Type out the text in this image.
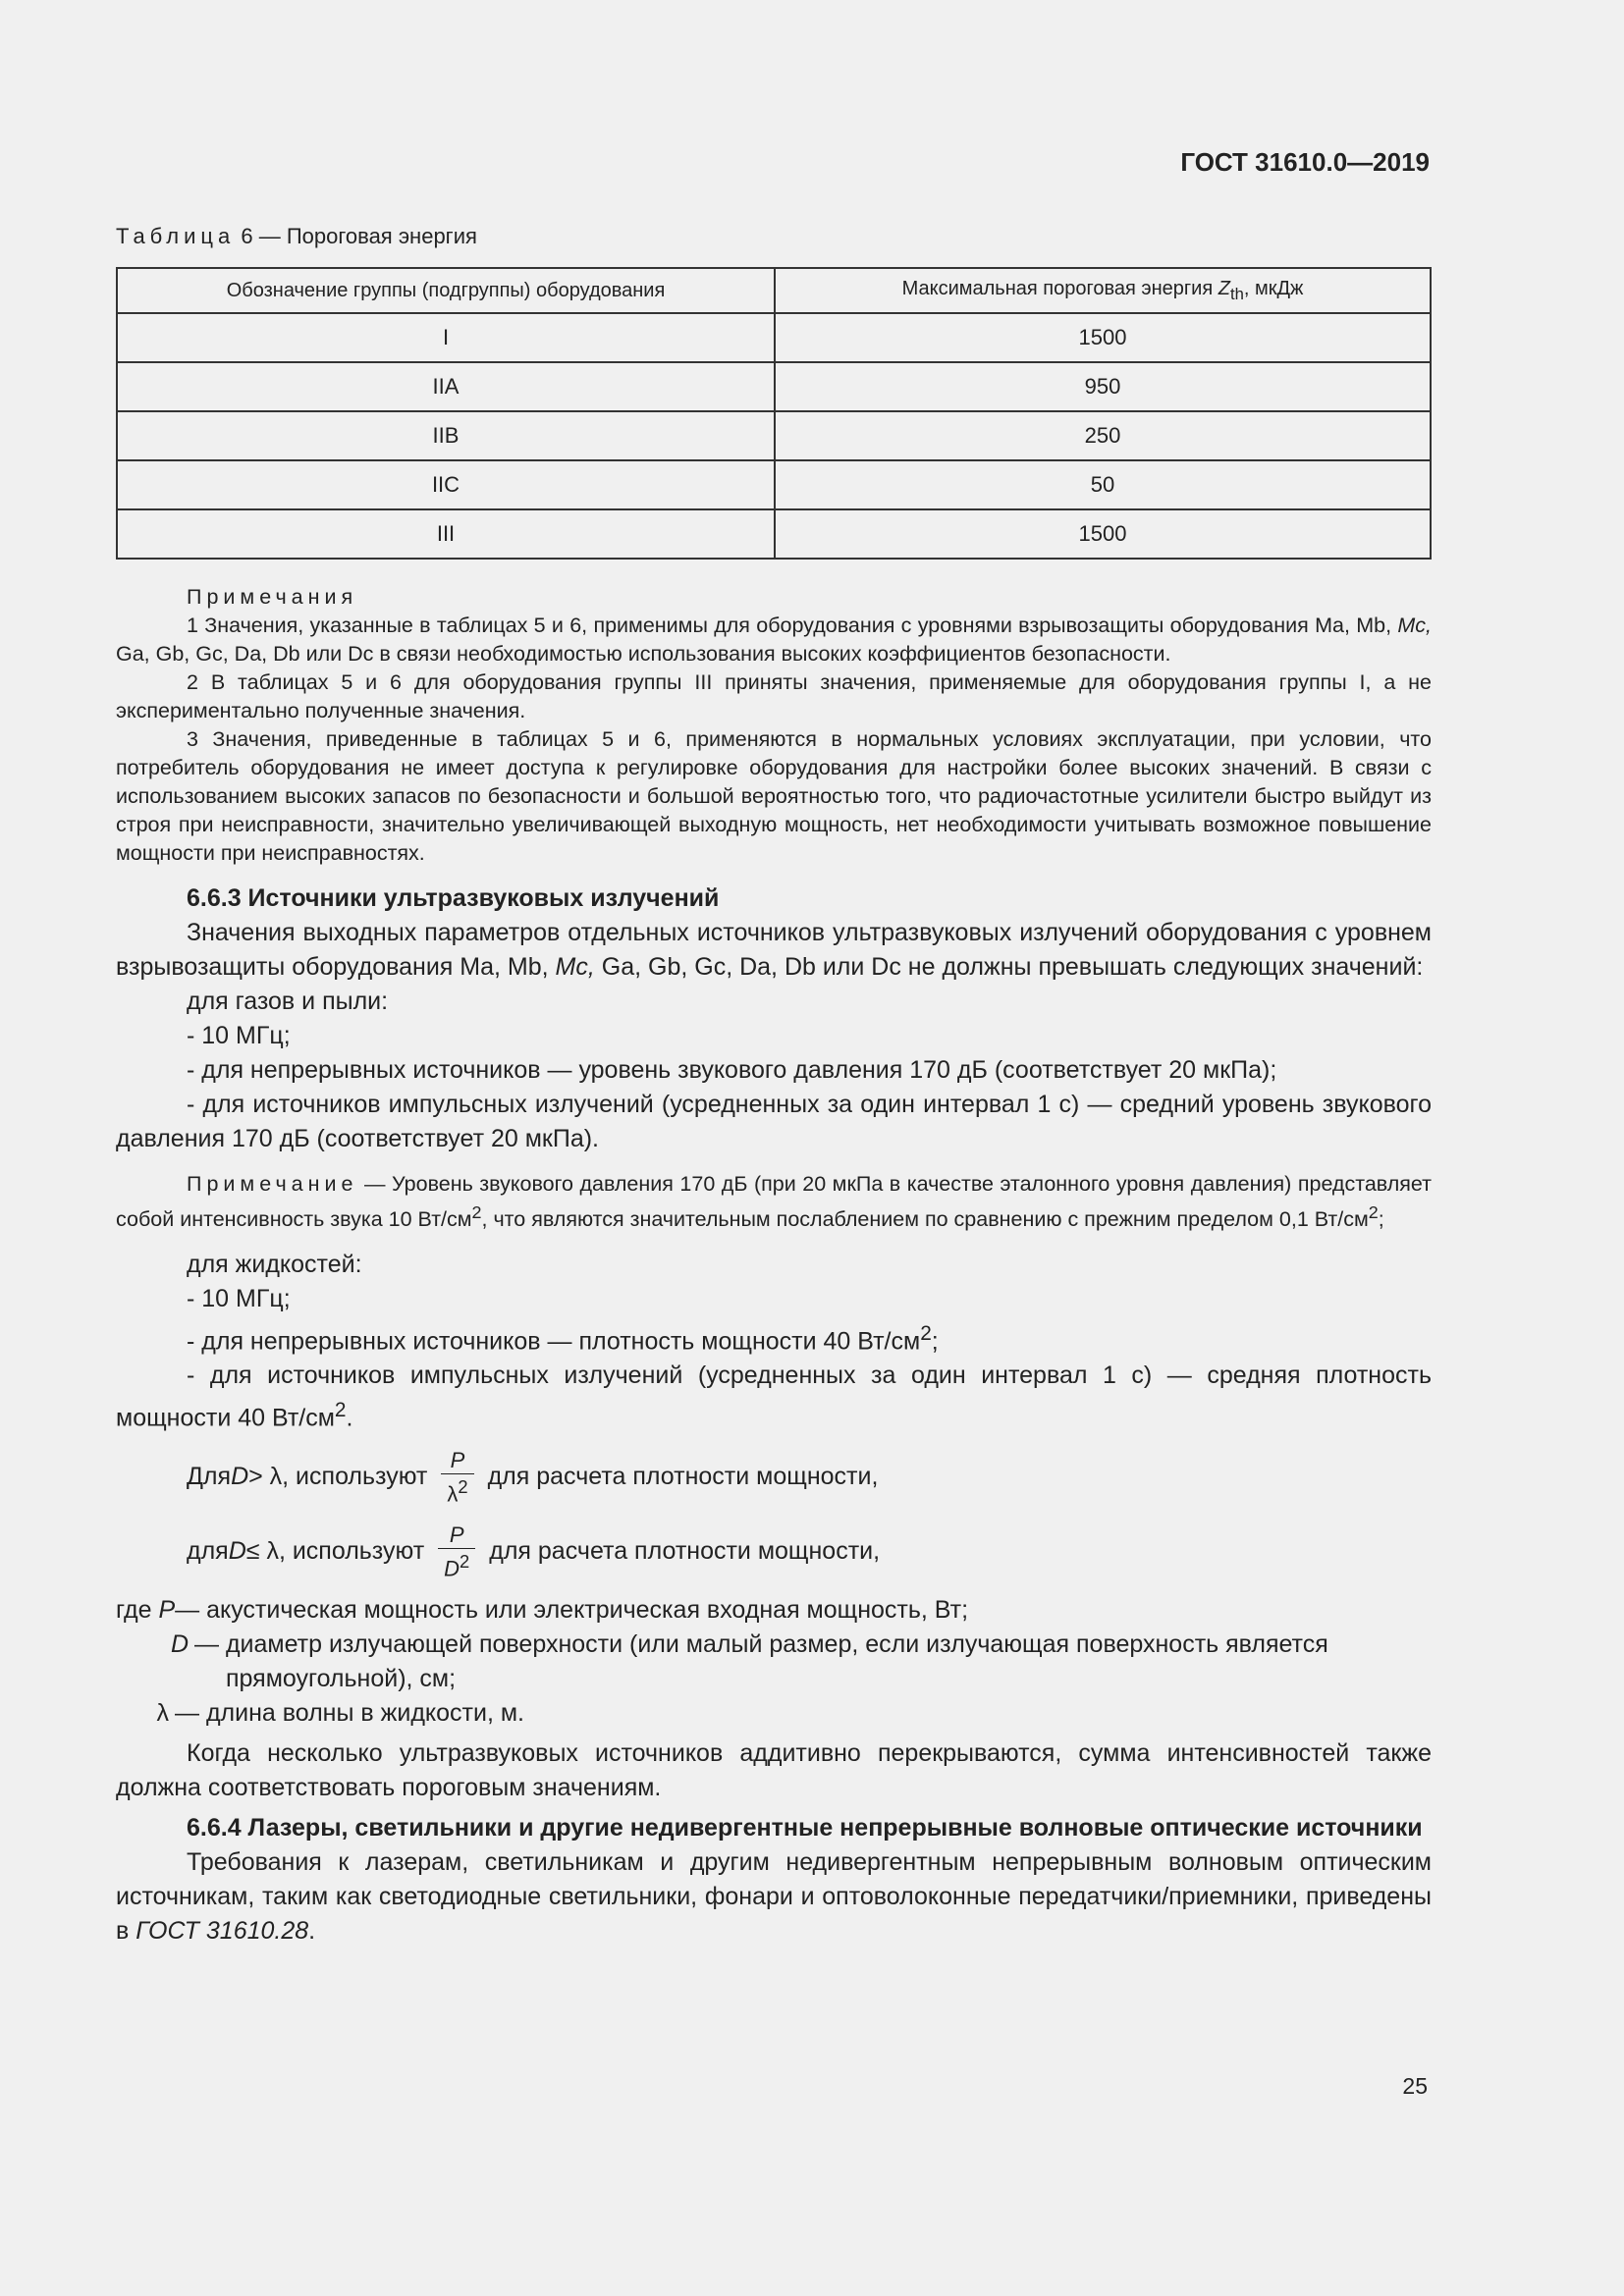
ГОСТ 31610.0—2019
Таблица 6 — Пороговая энергия
Обозначение группы (подгруппы) оборудования	Максимальная пороговая энергия $Z_{th}$, мкДж
I	1500
IIA	950
IIB	250
IIC	50
III	1500

Примечания

1 Значения, указанные в таблицах 5 и 6, применимы для оборудования с уровнями взрывозащиты оборудования Ma, Mb, Mc, Ga, Gb, Gc, Da, Db или Dc в связи необходимостью использования высоких коэффициентов безопасности.

2 В таблицах 5 и 6 для оборудования группы III приняты значения, применяемые для оборудования группы I, а не экспериментально полученные значения.

3 Значения, приведенные в таблицах 5 и 6, применяются в нормальных условиях эксплуатации, при условии, что потребитель оборудования не имеет доступа к регулировке оборудования для настройки более высоких значений. В связи с использованием высоких запасов по безопасности и большой вероятностью того, что радиочастотные усилители быстро выйдут из строя при неисправности, значительно увеличивающей выходную мощность, нет необходимости учитывать возможное повышение мощности при неисправностях.

6.6.3 Источники ультразвуковых излучений

Значения выходных параметров отдельных источников ультразвуковых излучений оборудования с уровнем взрывозащиты оборудования Ma, Mb, Mc, Ga, Gb, Gc, Da, Db или Dc не должны превышать следующих значений:

для газов и пыли:

- 10 МГц;

- для непрерывных источников — уровень звукового давления 170 дБ (соответствует 20 мкПа);

- для источников импульсных излучений (усредненных за один интервал 1 с) — средний уровень звукового давления 170 дБ (соответствует 20 мкПа).

Примечание — Уровень звукового давления 170 дБ (при 20 мкПа в качестве эталонного уровня давления) представляет собой интенсивность звука 10 $Вт/см^2$, что являются значительным послаблением по сравнению с прежним пределом 0,1 $Вт/см^2$;

для жидкостей:

- 10 МГц;

- для непрерывных источников — плотность мощности 40 $Вт/см^2$;

- для источников импульсных излучений (усредненных за один интервал 1 с) — средняя плотность мощности 40 $Вт/см^2$.

Для D > λ, используют $\frac{P}{\lambda^2}$ для расчета плотности мощности,
для D ≤ λ, используют $\frac{P}{D^2}$ для расчета плотности мощности,
где P — акустическая мощность или электрическая входная мощность, Вт;
D — диаметр излучающей поверхности (или малый размер, если излучающая поверхность является
прямоугольной), см;
λ — длина волны в жидкости, м.

Когда несколько ультразвуковых источников аддитивно перекрываются, сумма интенсивностей также должна соответствовать пороговым значениям.

6.6.4 Лазеры, светильники и другие недивергентные непрерывные волновые оптические источники

Требования к лазерам, светильникам и другим недивергентным непрерывным волновым оптическим источникам, таким как светодиодные светильники, фонари и оптоволоконные передатчики/приемники, приведены в ГОСТ 31610.28.

25
